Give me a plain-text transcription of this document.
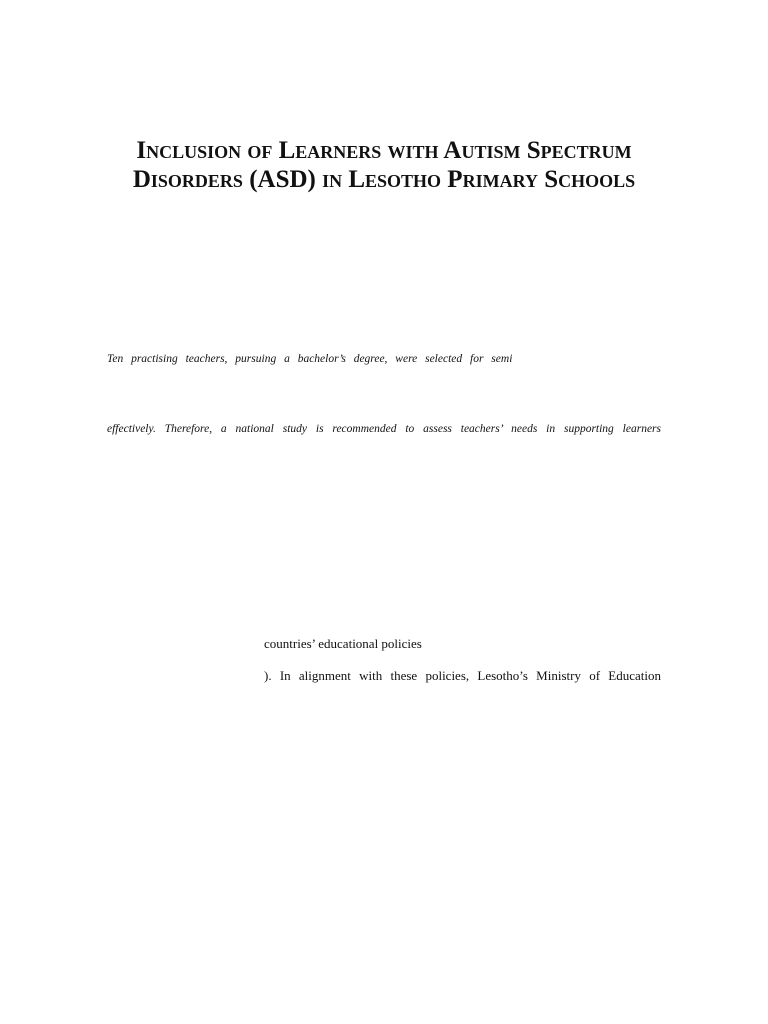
Inclusion of Learners with Autism Spectrum
Disorders (ASD) in Lesotho Primary Schools

Ten practising teachers, pursuing a bachelor’s degree, were selected for semi

effectively. Therefore, a national study is recommended to assess teachers’ needs in supporting learners

countries’ educational policies

). In alignment with these policies, Lesotho’s Ministry of Education
